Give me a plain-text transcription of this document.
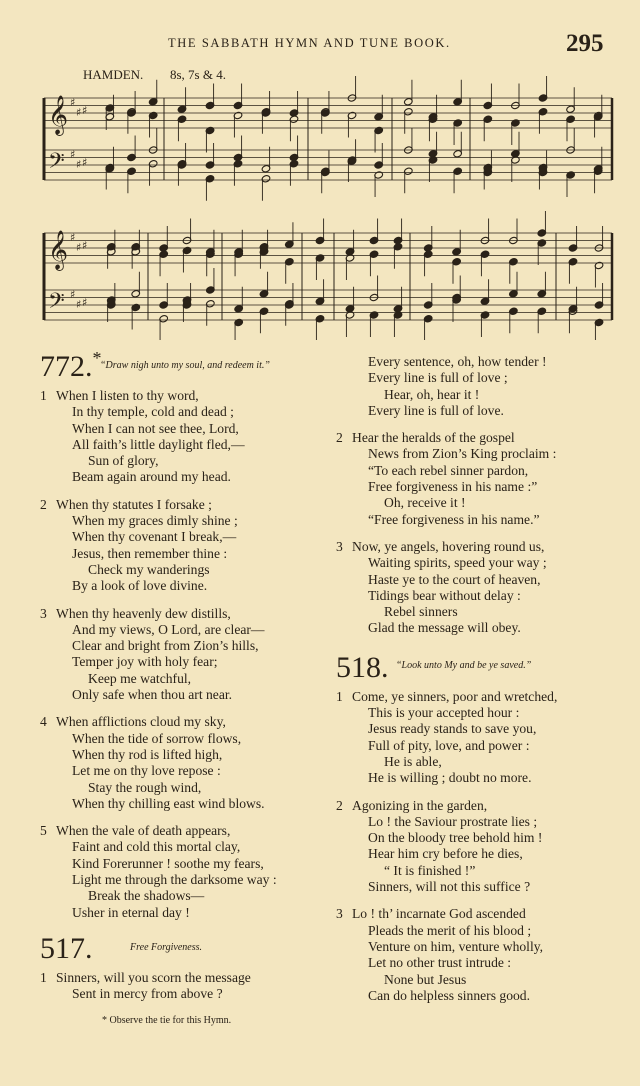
THE SABBATH HYMN AND TUNE BOOK.	295
HAMDEN. 8s, 7s & 4.
𝄞 ♯
♯ ♯
𝄢 ♯
♯ ♯
𝄞 ♯
♯ ♯
𝄢 ♯
♯ ♯
772.*
“Draw nigh unto my soul, and redeem it.”
1 When I listen to thy word,
In thy temple, cold and dead ;
When I can not see thee, Lord,
All faith’s little daylight fled,—
Sun of glory,
Beam again around my head.
2 When thy statutes I forsake ;
When my graces dimly shine ;
When thy covenant I break,—
Jesus, then remember thine :
Check my wanderings
By a look of love divine.
3 When thy heavenly dew distills,
And my views, O Lord, are clear—
Clear and bright from Zion’s hills,
Temper joy with holy fear;
Keep me watchful,
Only safe when thou art near.
4 When afflictions cloud my sky,
When the tide of sorrow flows,
When thy rod is lifted high,
Let me on thy love repose :
Stay the rough wind,
When thy chilling east wind blows.
5 When the vale of death appears,
Faint and cold this mortal clay,
Kind Forerunner ! soothe my fears,
Light me through the darksome way :
Break the shadows—
Usher in eternal day !
517.	Free Forgiveness.
1 Sinners, will you scorn the message
Sent in mercy from above ?
Every sentence, oh, how tender !
Every line is full of love ;
Hear, oh, hear it !
Every line is full of love.
2 Hear the heralds of the gospel
News from Zion’s King proclaim :
“To each rebel sinner pardon,
Free forgiveness in his name :”
Oh, receive it !
“Free forgiveness in his name.”
3 Now, ye angels, hovering round us,
Waiting spirits, speed your way ;
Haste ye to the court of heaven,
Tidings bear without delay :
Rebel sinners
Glad the message will obey.
518. “Look unto My and be ye saved.”
1 Come, ye sinners, poor and wretched,
This is your accepted hour :
Jesus ready stands to save you,
Full of pity, love, and power :
He is able,
He is willing ; doubt no more.
2 Agonizing in the garden,
Lo ! the Saviour prostrate lies ;
On the bloody tree behold him !
Hear him cry before he dies,
“ It is finished !”
Sinners, will not this suffice ?
3 Lo ! th’ incarnate God ascended
Pleads the merit of his blood ;
Venture on him, venture wholly,
Let no other trust intrude :
None but Jesus
Can do helpless sinners good.
* Observe the tie for this Hymn.
